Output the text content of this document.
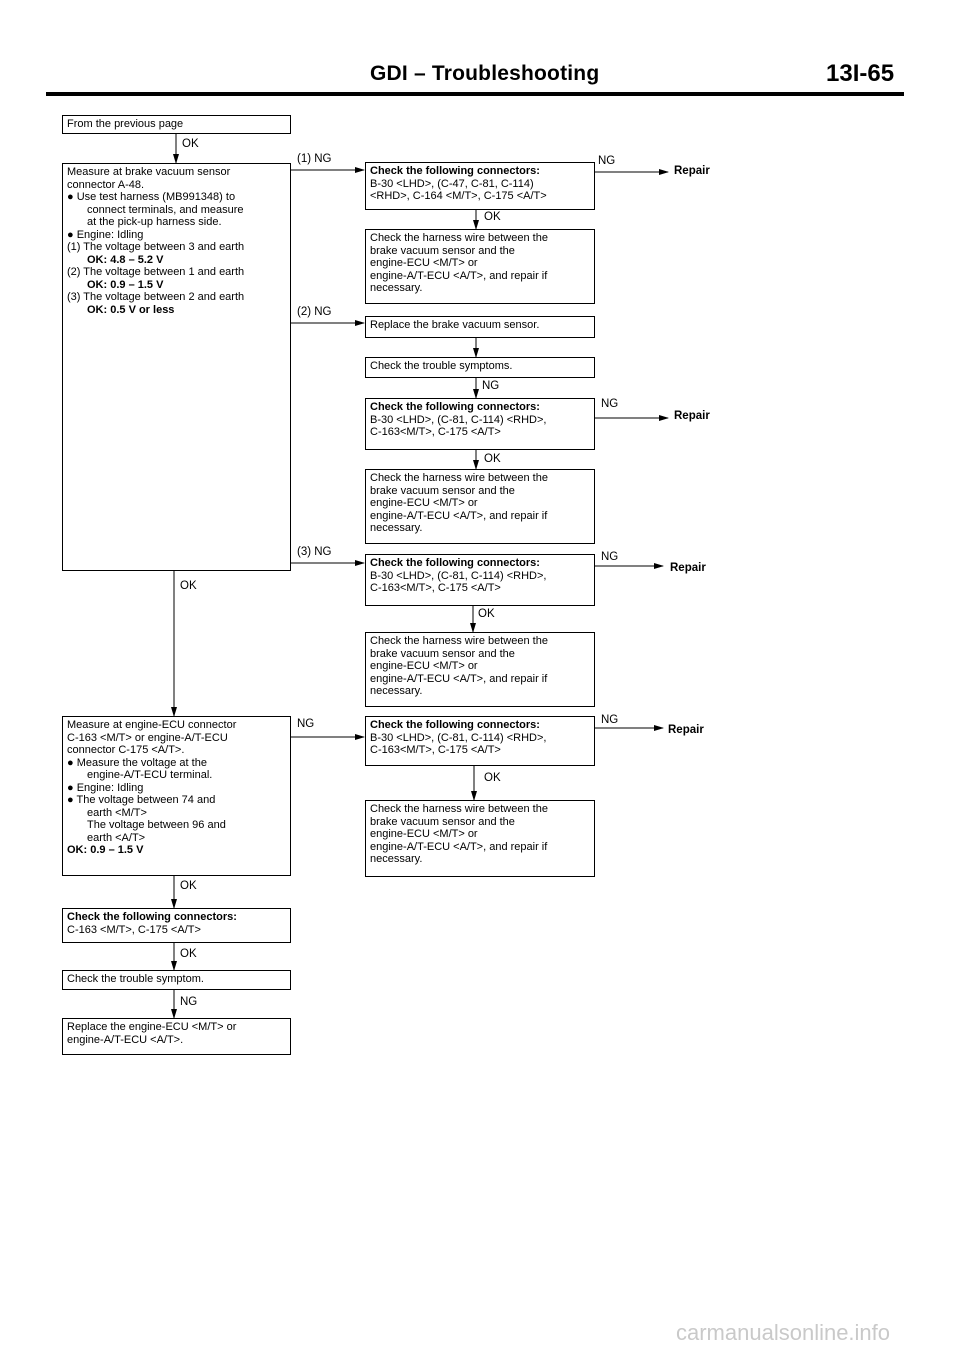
GDI – Troubleshooting	13I-65
From the previous page
Measure at brake vacuum sensor
connector A-48.
● Use test harness (MB991348) to
connect terminals, and measure
at the pick-up harness side.
● Engine: Idling
(1) The voltage between 3 and earth
OK: 4.8 – 5.2 V
(2) The voltage between 1 and earth
OK: 0.9 – 1.5 V
(3) The voltage between 2 and earth
OK: 0.5 V or less
Measure at engine-ECU connector
C-163 <M/T> or engine-A/T-ECU
connector C-175 <A/T>.
● Measure the voltage at the
engine-A/T-ECU terminal.
● Engine: Idling
● The voltage between 74 and
earth <M/T>
The voltage between 96 and
earth <A/T>
OK: 0.9 – 1.5 V
Check the following connectors:
C-163 <M/T>, C-175 <A/T>
Check the trouble symptom.
Replace the engine-ECU <M/T> or
engine-A/T-ECU <A/T>.
Check the following connectors:
B-30 <LHD>, (C-47, C-81, C-114)
<RHD>, C-164 <M/T>, C-175 <A/T>
Check the harness wire between the
brake vacuum sensor and the
engine-ECU <M/T> or
engine-A/T-ECU <A/T>, and repair if
necessary.
Replace the brake vacuum sensor.
Check the trouble symptoms.
Check the following connectors:
B-30 <LHD>, (C-81, C-114) <RHD>,
C-163<M/T>, C-175 <A/T>
Check the harness wire between the
brake vacuum sensor and the
engine-ECU <M/T> or
engine-A/T-ECU <A/T>, and repair if
necessary.
Check the following connectors:
B-30 <LHD>, (C-81, C-114) <RHD>,
C-163<M/T>, C-175 <A/T>
Check the harness wire between the
brake vacuum sensor and the
engine-ECU <M/T> or
engine-A/T-ECU <A/T>, and repair if
necessary.
Check the following connectors:
B-30 <LHD>, (C-81, C-114) <RHD>,
C-163<M/T>, C-175 <A/T>
Check the harness wire between the
brake vacuum sensor and the
engine-ECU <M/T> or
engine-A/T-ECU <A/T>, and repair if
necessary.
OK
(1) NG
(2) NG
(3) NG
OK
NG
OK
OK
NG
OK
NG
OK
OK
OK
NG
NG
NG
NG
Repair
Repair
Repair
Repair
carmanualsonline.info
